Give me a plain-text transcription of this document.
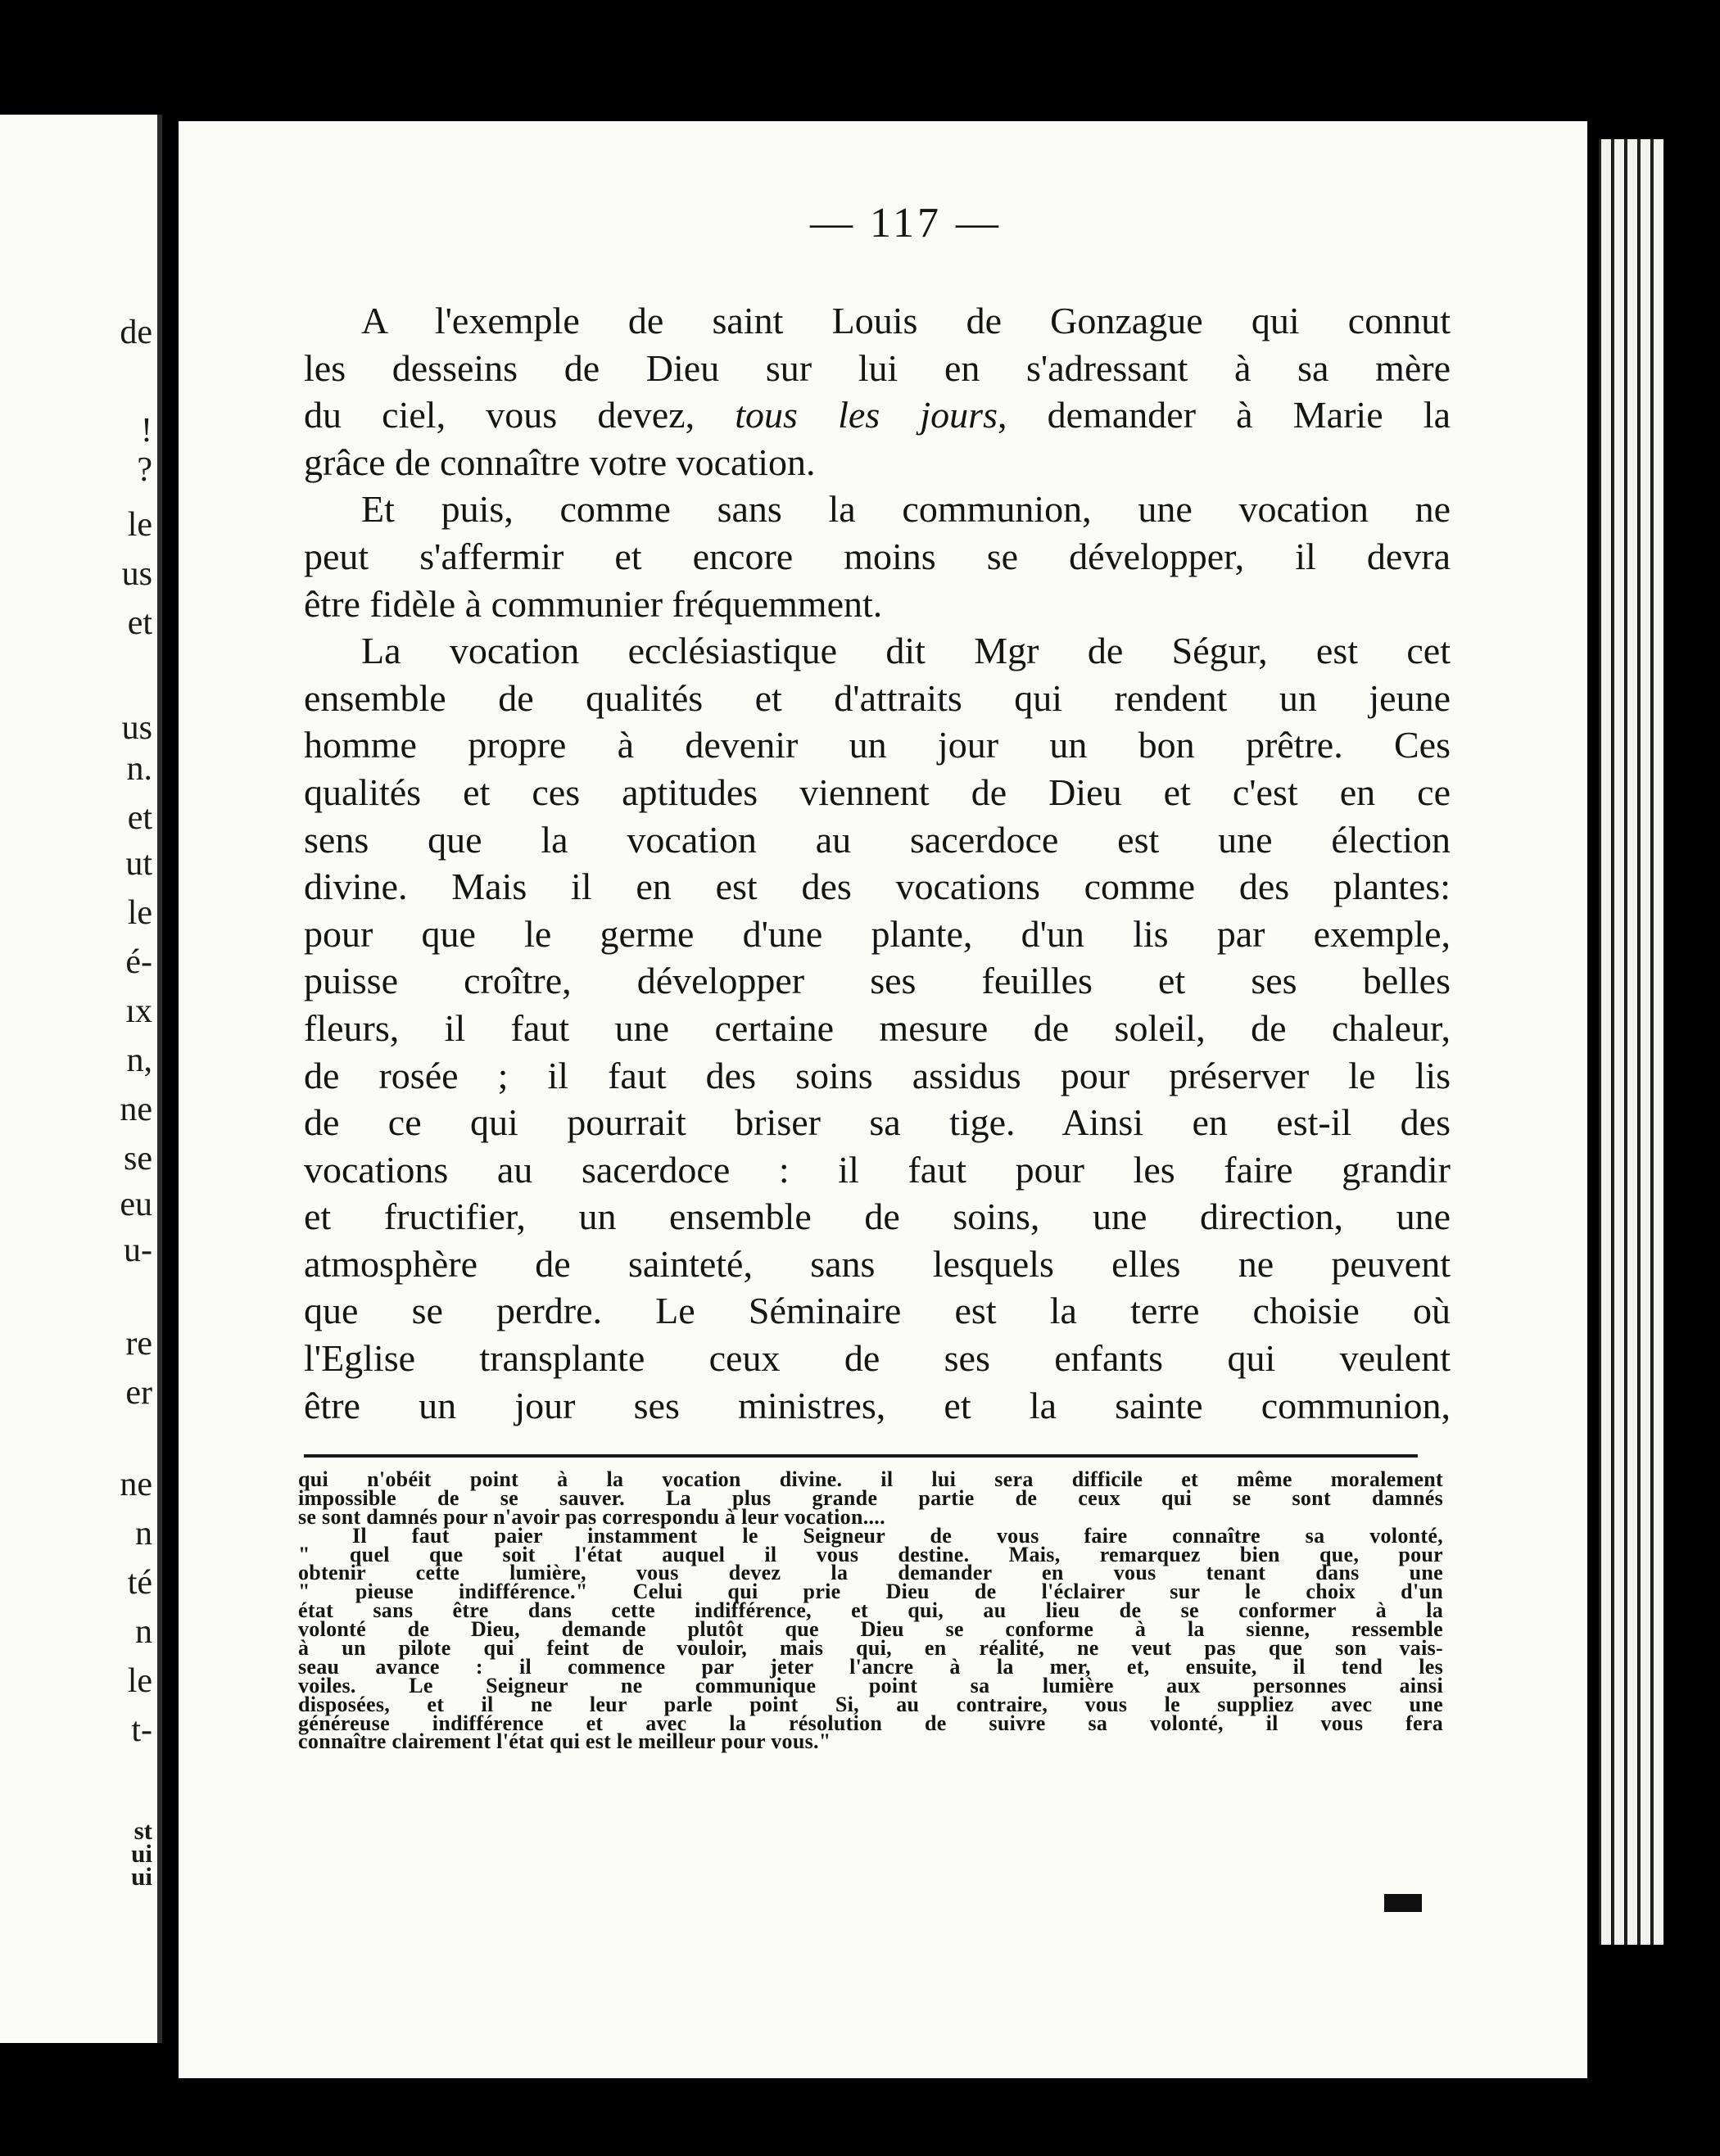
de
!
?
le
us
et
us
n.
et
ut
le
é-
ıx
n,
ne
se
eu
u-
re
er
ne
n
té
n
le
t-
st
ui
ui
— 117 —
A l'exemple de saint Louis de Gonzague qui connut
les desseins de Dieu sur lui en s'adressant à sa mère
du ciel, vous devez, tous les jours, demander à Marie la
grâce de connaître votre vocation.
Et puis, comme sans la communion, une vocation ne
peut s'affermir et encore moins se développer, il devra
être fidèle à communier fréquemment.
La vocation ecclésiastique dit Mgr de Ségur, est cet
ensemble de qualités et d'attraits qui rendent un jeune
homme propre à devenir un jour un bon prêtre. Ces
qualités et ces aptitudes viennent de Dieu et c'est en ce
sens que la vocation au sacerdoce est une élection
divine. Mais il en est des vocations comme des plantes:
pour que le germe d'une plante, d'un lis par exemple,
puisse croître, développer ses feuilles et ses belles
fleurs, il faut une certaine mesure de soleil, de chaleur,
de rosée ; il faut des soins assidus pour préserver le lis
de ce qui pourrait briser sa tige. Ainsi en est-il des
vocations au sacerdoce : il faut pour les faire grandir
et fructifier, un ensemble de soins, une direction, une
atmosphère de sainteté, sans lesquels elles ne peuvent
que se perdre. Le Séminaire est la terre choisie où
l'Eglise transplante ceux de ses enfants qui veulent
être un jour ses ministres, et la sainte communion,
qui n'obéit point à la vocation divine. il lui sera difficile et même moralement
impossible de se sauver. La plus grande partie de ceux qui se sont damnés
se sont damnés pour n'avoir pas correspondu à leur vocation....
Il faut paier instamment le Seigneur de vous faire connaître sa volonté,
" quel que soit l'état auquel il vous destine. Mais, remarquez bien que, pour
obtenir cette lumière, vous devez la demander en vous tenant dans une
" pieuse indifférence." Celui qui prie Dieu de l'éclairer sur le choix d'un
état sans être dans cette indifférence, et qui, au lieu de se conformer à la
volonté de Dieu, demande plutôt que Dieu se conforme à la sienne, ressemble
à un pilote qui feint de vouloir, mais qui, en réalité, ne veut pas que son vais-
seau avance : il commence par jeter l'ancre à la mer, et, ensuite, il tend les
voiles. Le Seigneur ne communique point sa lumière aux personnes ainsi
disposées, et il ne leur parle point Si, au contraire, vous le suppliez avec une
généreuse indifférence et avec la résolution de suivre sa volonté, il vous fera
connaître clairement l'état qui est le meilleur pour vous."
